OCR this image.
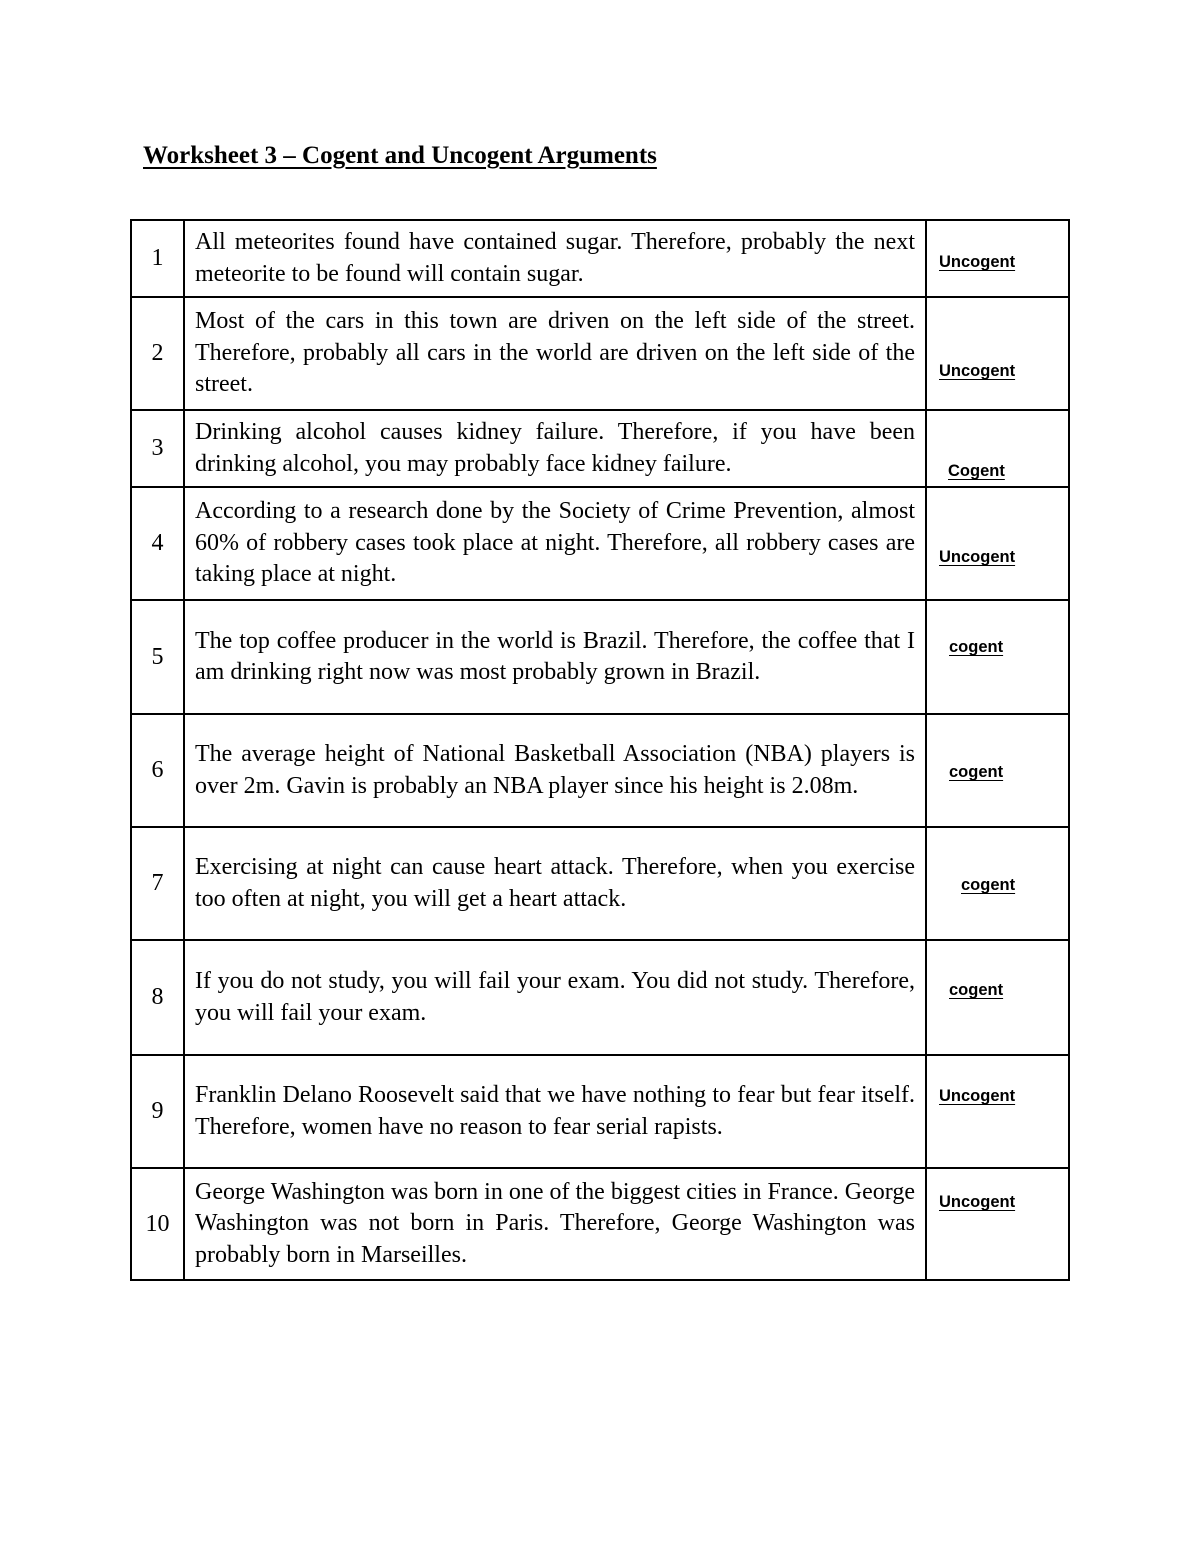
Worksheet 3 – Cogent and Uncogent Arguments
1	All meteorites found have contained sugar. Therefore, probably the next meteorite to be found will contain sugar.	Uncogent

2	Most of the cars in this town are driven on the left side of the street. Therefore, probably all cars in the world are driven on the left side of the street.	Uncogent

3	Drinking alcohol causes kidney failure. Therefore, if you have been drinking alcohol, you may probably face kidney failure.	Cogent

4	According to a research done by the Society of Crime Prevention, almost 60% of robbery cases took place at night. Therefore, all robbery cases are taking place at night.	Uncogent

5	The top coffee producer in the world is Brazil. Therefore, the coffee that I am drinking right now was most probably grown in Brazil.	cogent

6	The average height of National Basketball Association (NBA) players is over 2m. Gavin is probably an NBA player since his height is 2.08m.	cogent

7	Exercising at night can cause heart attack. Therefore, when you exercise too often at night, you will get a heart attack.	cogent

8	If you do not study, you will fail your exam. You did not study. Therefore, you will fail your exam.	cogent

9	Franklin Delano Roosevelt said that we have nothing to fear but fear itself. Therefore, women have no reason to fear serial rapists.	Uncogent

10	George Washington was born in one of the biggest cities in France. George Washington was not born in Paris. Therefore, George Washington was probably born in Marseilles.	Uncogent
